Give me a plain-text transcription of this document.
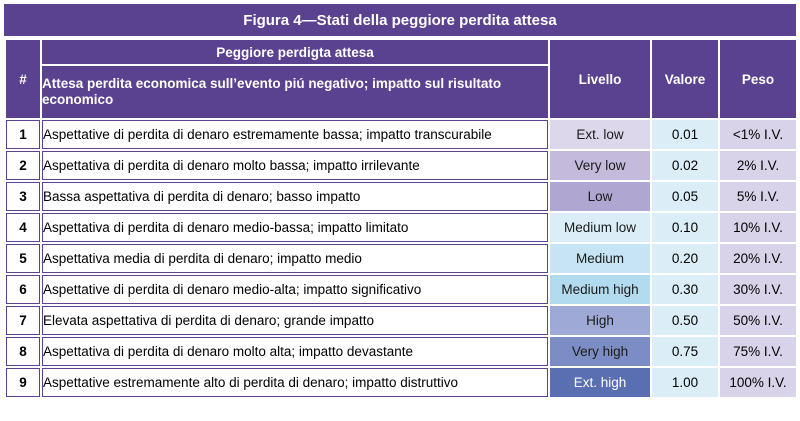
Figura 4—Stati della peggiore perdita attesa
#	Peggiore perdigta attesa	Livello	Valore	Peso
	Attesa perdita economica sull’evento piú negativo; impatto sul risultato economico			
1	Aspettative di perdita di denaro estremamente bassa; impatto transcurabile	Ext. low	0.01	<1% I.V.
2	Aspettativa di perdita di denaro molto bassa; impatto irrilevante	Very low	0.02	2% I.V.
3	Bassa aspettativa di perdita di denaro; basso impatto	Low	0.05	5% I.V.
4	Aspettativa di perdita di denaro medio-bassa; impatto limitato	Medium low	0.10	10% I.V.
5	Aspettativa media di perdita di denaro; impatto medio	Medium	0.20	20% I.V.
6	Aspettative di perdita di denaro medio-alta; impatto significativo	Medium high	0.30	30% I.V.
7	Elevata aspettativa di perdita di denaro; grande impatto	High	0.50	50% I.V.
8	Aspettativa di perdita di denaro molto alta; impatto devastante	Very high	0.75	75% I.V.
9	Aspettative estremamente alto di perdita di denaro; impatto distruttivo	Ext. high	1.00	100% I.V.
